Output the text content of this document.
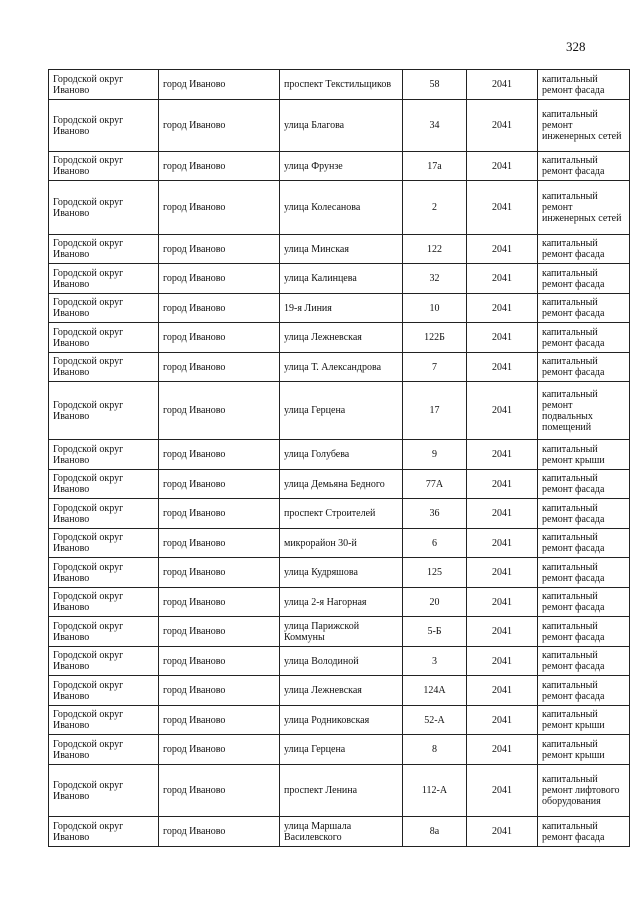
328
Городской округ Иваново	город Иваново	проспект Текстильщиков	58	2041	капитальный ремонт фасада
Городской округ Иваново	город Иваново	улица Благова	34	2041	капитальный ремонт инженерных сетей
Городской округ Иваново	город Иваново	улица Фрунзе	17а	2041	капитальный ремонт фасада
Городской округ Иваново	город Иваново	улица Колесанова	2	2041	капитальный ремонт инженерных сетей
Городской округ Иваново	город Иваново	улица Минская	122	2041	капитальный ремонт фасада
Городской округ Иваново	город Иваново	улица Калинцева	32	2041	капитальный ремонт фасада
Городской округ Иваново	город Иваново	19-я Линия	10	2041	капитальный ремонт фасада
Городской округ Иваново	город Иваново	улица Лежневская	122Б	2041	капитальный ремонт фасада
Городской округ Иваново	город Иваново	улица Т. Александрова	7	2041	капитальный ремонт фасада
Городской округ Иваново	город Иваново	улица Герцена	17	2041	капитальный ремонт подвальных помещений
Городской округ Иваново	город Иваново	улица Голубева	9	2041	капитальный ремонт крыши
Городской округ Иваново	город Иваново	улица Демьяна Бедного	77А	2041	капитальный ремонт фасада
Городской округ Иваново	город Иваново	проспект Строителей	36	2041	капитальный ремонт фасада
Городской округ Иваново	город Иваново	микрорайон 30-й	6	2041	капитальный ремонт фасада
Городской округ Иваново	город Иваново	улица Кудряшова	125	2041	капитальный ремонт фасада
Городской округ Иваново	город Иваново	улица 2-я Нагорная	20	2041	капитальный ремонт фасада
Городской округ Иваново	город Иваново	улица Парижской Коммуны	5-Б	2041	капитальный ремонт фасада
Городской округ Иваново	город Иваново	улица Володиной	3	2041	капитальный ремонт фасада
Городской округ Иваново	город Иваново	улица Лежневская	124А	2041	капитальный ремонт фасада
Городской округ Иваново	город Иваново	улица Родниковская	52-А	2041	капитальный ремонт крыши
Городской округ Иваново	город Иваново	улица Герцена	8	2041	капитальный ремонт крыши
Городской округ Иваново	город Иваново	проспект Ленина	112-А	2041	капитальный ремонт лифтового оборудования
Городской округ Иваново	город Иваново	улица Маршала Василевского	8а	2041	капитальный ремонт фасада
